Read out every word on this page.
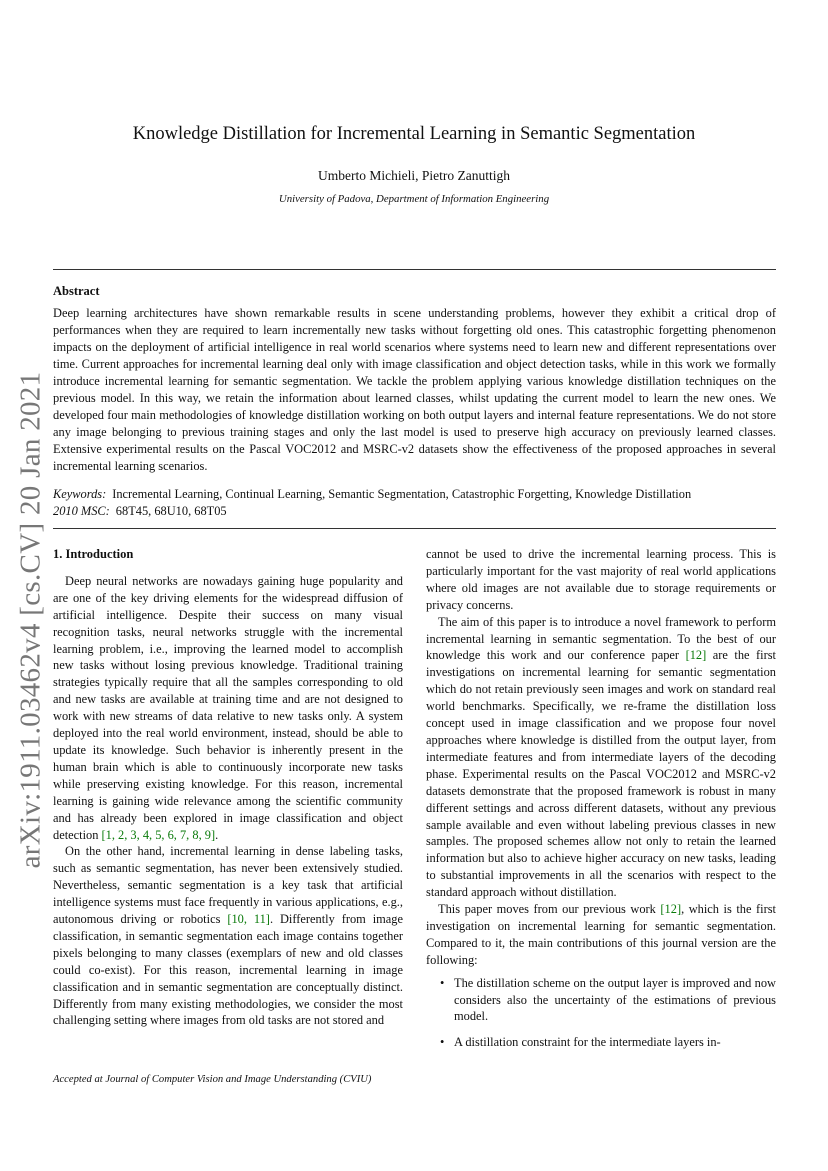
arXiv:1911.03462v4 [cs.CV] 20 Jan 2021
Knowledge Distillation for Incremental Learning in Semantic Segmentation
Umberto Michieli, Pietro Zanuttigh
University of Padova, Department of Information Engineering
Abstract
Deep learning architectures have shown remarkable results in scene understanding problems, however they exhibit a critical drop of performances when they are required to learn incrementally new tasks without forgetting old ones. This catastrophic forgetting phenomenon impacts on the deployment of artificial intelligence in real world scenarios where systems need to learn new and different representations over time. Current approaches for incremental learning deal only with image classification and object detection tasks, while in this work we formally introduce incremental learning for semantic segmentation. We tackle the problem applying various knowledge distillation techniques on the previous model. In this way, we retain the information about learned classes, whilst updating the current model to learn the new ones. We developed four main methodologies of knowledge distillation working on both output layers and internal feature representations. We do not store any image belonging to previous training stages and only the last model is used to preserve high accuracy on previously learned classes. Extensive experimental results on the Pascal VOC2012 and MSRC-v2 datasets show the effectiveness of the proposed approaches in several incremental learning scenarios.
Keywords: Incremental Learning, Continual Learning, Semantic Segmentation, Catastrophic Forgetting, Knowledge Distillation
2010 MSC: 68T45, 68U10, 68T05
1. Introduction

Deep neural networks are nowadays gaining huge popularity and are one of the key driving elements for the widespread diffusion of artificial intelligence. Despite their success on many visual recognition tasks, neural networks struggle with the incremental learning problem, i.e., improving the learned model to accomplish new tasks without losing previous knowledge. Traditional training strategies typically require that all the samples corresponding to old and new tasks are available at training time and are not designed to work with new streams of data relative to new tasks only. A system deployed into the real world environment, instead, should be able to update its knowledge. Such behavior is inherently present in the human brain which is able to continuously incorporate new tasks while preserving existing knowledge. For this reason, incremental learning is gaining wide relevance among the scientific community and has already been explored in image classification and object detection [1, 2, 3, 4, 5, 6, 7, 8, 9].

On the other hand, incremental learning in dense labeling tasks, such as semantic segmentation, has never been extensively studied. Nevertheless, semantic segmentation is a key task that artificial intelligence systems must face frequently in various applications, e.g., autonomous driving or robotics [10, 11]. Differently from image classification, in semantic segmentation each image contains together pixels belonging to many classes (exemplars of new and old classes could co-exist). For this reason, incremental learning in image classification and in semantic segmentation are conceptually distinct. Differently from many existing methodologies, we consider the most challenging setting where images from old tasks are not stored and

cannot be used to drive the incremental learning process. This is particularly important for the vast majority of real world applications where old images are not available due to storage requirements or privacy concerns.

The aim of this paper is to introduce a novel framework to perform incremental learning in semantic segmentation. To the best of our knowledge this work and our conference paper [12] are the first investigations on incremental learning for semantic segmentation which do not retain previously seen images and work on standard real world benchmarks. Specifically, we re-frame the distillation loss concept used in image classification and we propose four novel approaches where knowledge is distilled from the output layer, from intermediate features and from intermediate layers of the decoding phase. Experimental results on the Pascal VOC2012 and MSRC-v2 datasets demonstrate that the proposed framework is robust in many different settings and across different datasets, without any previous sample available and even without labeling previous classes in new samples. The proposed schemes allow not only to retain the learned information but also to achieve higher accuracy on new tasks, leading to substantial improvements in all the scenarios with respect to the standard approach without distillation.

This paper moves from our previous work [12], which is the first investigation on incremental learning for semantic segmentation. Compared to it, the main contributions of this journal version are the following:

• The distillation scheme on the output layer is improved and now considers also the uncertainty of the estimations of previous model.
• A distillation constraint for the intermediate layers in-
Accepted at Journal of Computer Vision and Image Understanding (CVIU)
